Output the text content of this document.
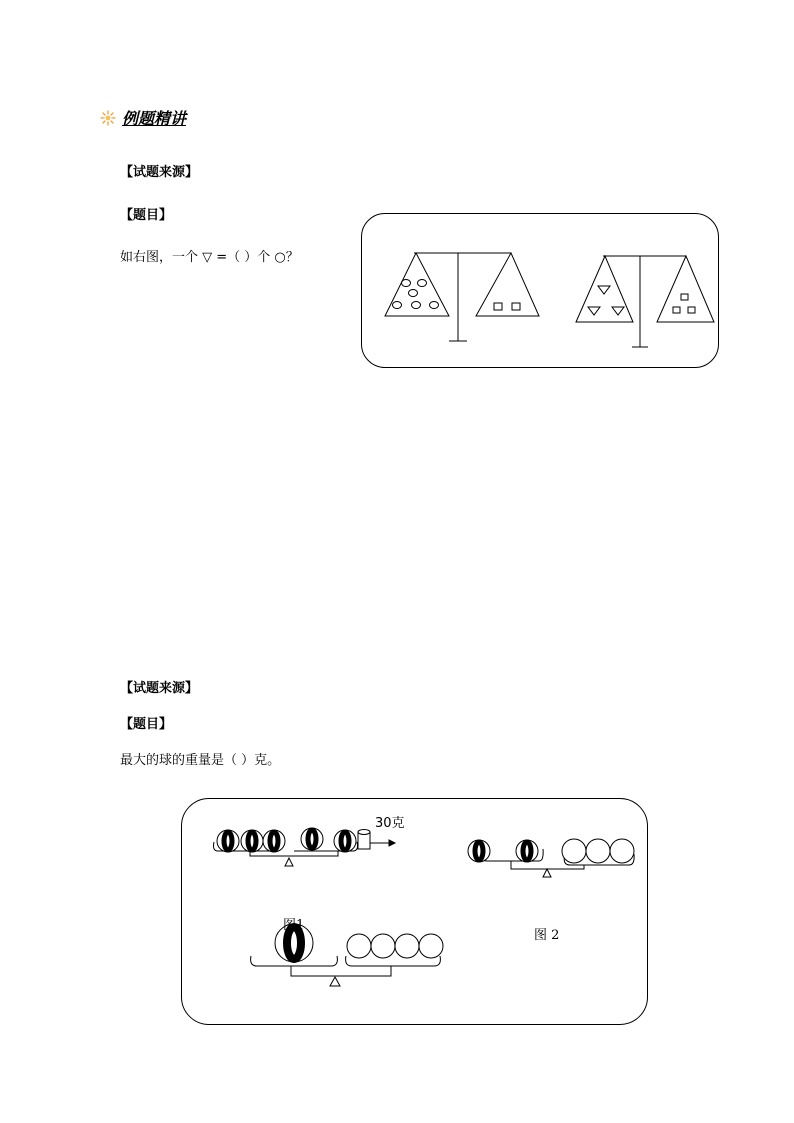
例题精讲
【试题来源】
【题目】
如右图，一个 ▽ =（ ）个 ○？
【试题来源】
【题目】
最大的球的重量是（ ）克。
30克
图1
图 2
